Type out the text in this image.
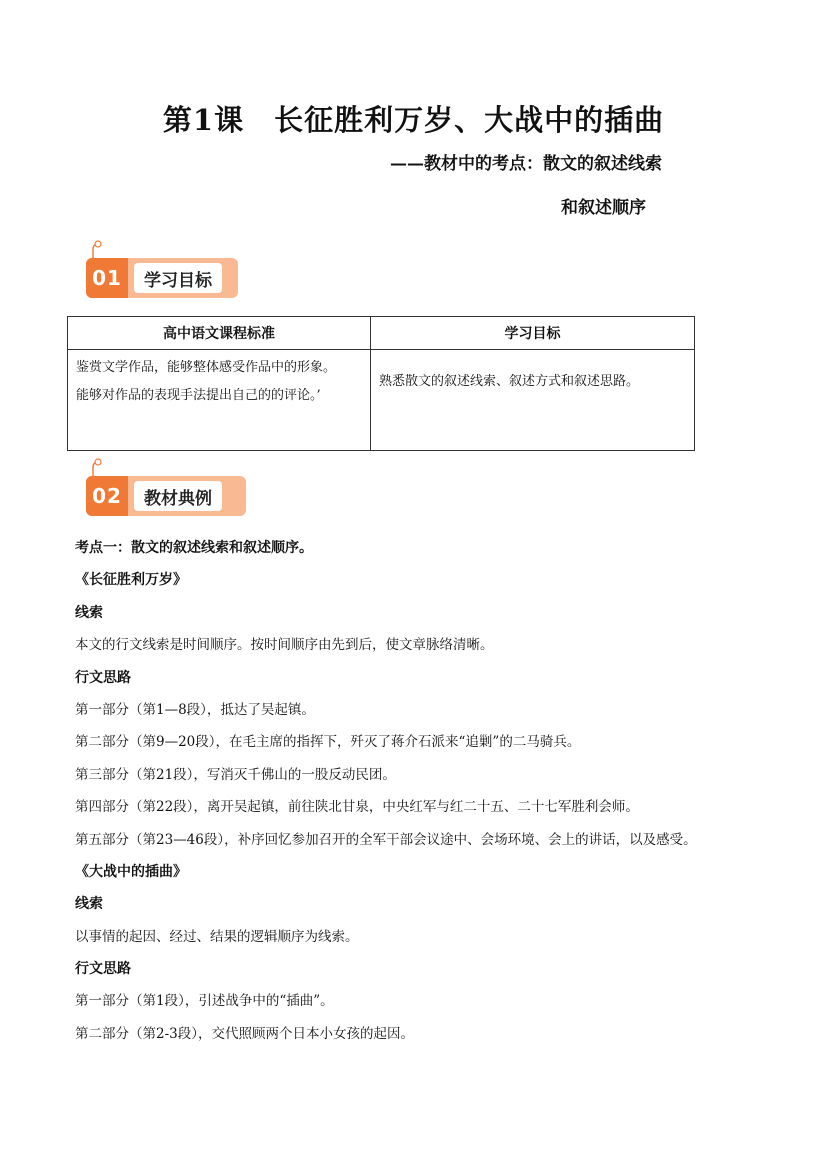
第1课　长征胜利万岁、大战中的插曲
——教材中的考点：散文的叙述线索
和叙述顺序
01	学习目标
高中语文课程标准	学习目标

鉴赏文学作品，能够整体感受作品中的形象。
能够对作品的表现手法提出自己的的评论。’	熟悉散文的叙述线索、叙述方式和叙述思路。
02	教材典例
考点一：散文的叙述线索和叙述顺序。
《长征胜利万岁》
线索
本文的行文线索是时间顺序。按时间顺序由先到后，使文章脉络清晰。
行文思路
第一部分（第1—8段），抵达了吴起镇。
第二部分（第9—20段），在毛主席的指挥下，歼灭了蒋介石派来“追剿”的二马骑兵。
第三部分（第21段），写消灭千佛山的一股反动民团。
第四部分（第22段），离开吴起镇，前往陕北甘泉，中央红军与红二十五、二十七军胜利会师。
第五部分（第23—46段），补序回忆参加召开的全军干部会议途中、会场环境、会上的讲话，以及感受。
《大战中的插曲》
线索
以事情的起因、经过、结果的逻辑顺序为线索。
行文思路
第一部分（第1段），引述战争中的“插曲”。
第二部分（第2-3段），交代照顾两个日本小女孩的起因。
